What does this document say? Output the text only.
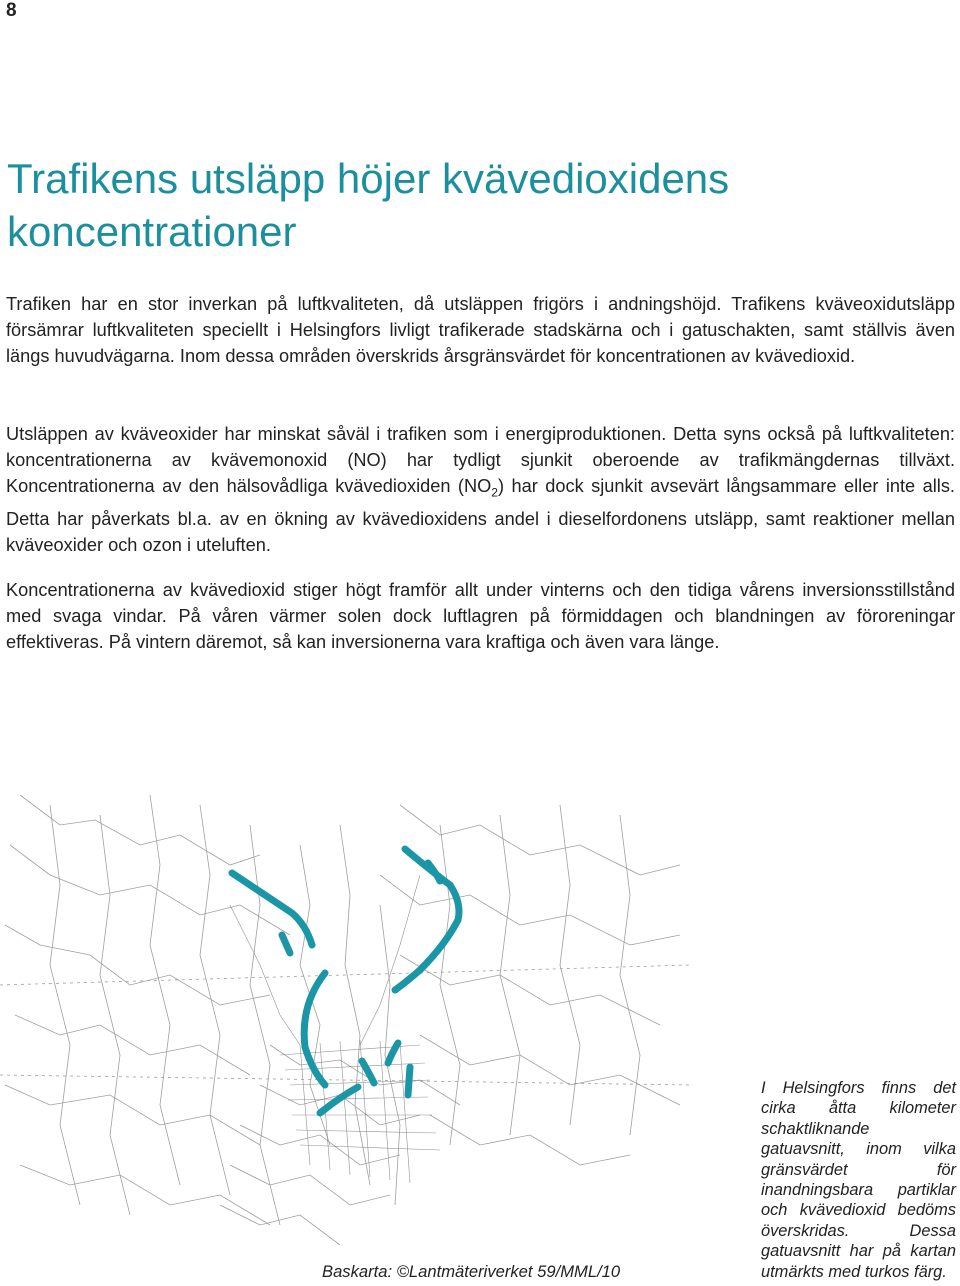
8
Trafikens utsläpp höjer kvävedioxidens koncentrationer

Trafiken har en stor inverkan på luftkvaliteten, då utsläppen frigörs i andningshöjd. Trafikens kväveoxidutsläpp försämrar luftkvaliteten speciellt i Helsingfors livligt trafikerade stadskärna och i gatuschakten, samt ställvis även längs huvudvägarna. Inom dessa områden överskrids årsgränsvärdet för koncentrationen av kvävedioxid.

Utsläppen av kväveoxider har minskat såväl i trafiken som i energiproduktionen. Detta syns också på luftkvaliteten: koncentrationerna av kvävemonoxid (NO) har tydligt sjunkit oberoende av trafikmängdernas tillväxt. Koncentrationerna av den hälsovådliga kvävedioxiden $(NO_2)$ har dock sjunkit avsevärt långsammare eller inte alls. Detta har påverkats bl.a. av en ökning av kvävedioxidens andel i dieselfordonens utsläpp, samt reaktioner mellan kväveoxider och ozon i uteluften.

Koncentrationerna av kvävedioxid stiger högt framför allt under vinterns och den tidiga vårens inversionsstillstånd med svaga vindar. På våren värmer solen dock luftlagren på förmiddagen och blandningen av föroreningar effektiveras. På vintern däremot, så kan inversionerna vara kraftiga och även vara länge.

I Helsingfors finns det cirka åtta kilometer schaktliknande gatuavsnitt, inom vilka gränsvärdet för inandningsbara partiklar och kvävedioxid bedöms överskridas. Dessa gatuavsnitt har på kartan utmärkts med turkos färg.

Baskarta: ©Lantmäteriverket 59/MML/10
